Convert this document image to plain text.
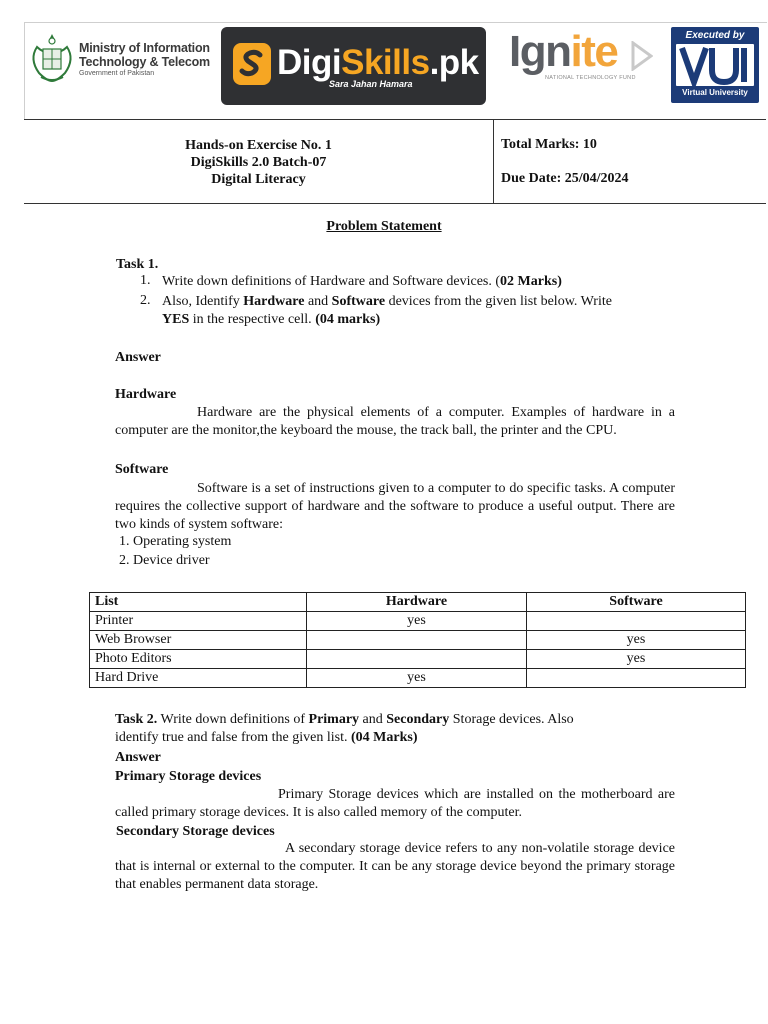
Ministry of Information
Technology & Telecom
Government of Pakistan	DigiSkills.pk
Sara Jahan Hamara
Ignite
NATIONAL TECHNOLOGY FUND
Executed by
Virtual University
Hands-on Exercise No. 1
DigiSkills 2.0 Batch-07
Digital Literacy
Total Marks: 10
Due Date: 25/04/2024
Problem Statement
Task 1.
1. Write down definitions of Hardware and Software devices. (02 Marks)
2. Also, Identify Hardware and Software devices from the given list below. Write
YES in the respective cell. (04 marks)
Answer
Hardware
Hardware are the physical elements of a computer. Examples of hardware in a computer are the monitor,the keyboard the mouse, the track ball, the printer and the CPU.
Software
Software is a set of instructions given to a computer to do specific tasks. A computer requires the collective support of hardware and the software to produce a useful output. There are two kinds of system software:
1. Operating system
2. Device driver
List	Hardware	Software
Printer	yes	
Web Browser		yes
Photo Editors		yes
Hard Drive	yes	
Task 2. Write down definitions of Primary and Secondary Storage devices. Also
identify true and false from the given list. (04 Marks)
Answer
Primary Storage devices
Primary Storage devices which are installed on the motherboard are called primary storage devices. It is also called memory of the computer.
Secondary Storage devices
A secondary storage device refers to any non-volatile storage device that is internal or external to the computer. It can be any storage device beyond the primary storage that enables permanent data storage.
